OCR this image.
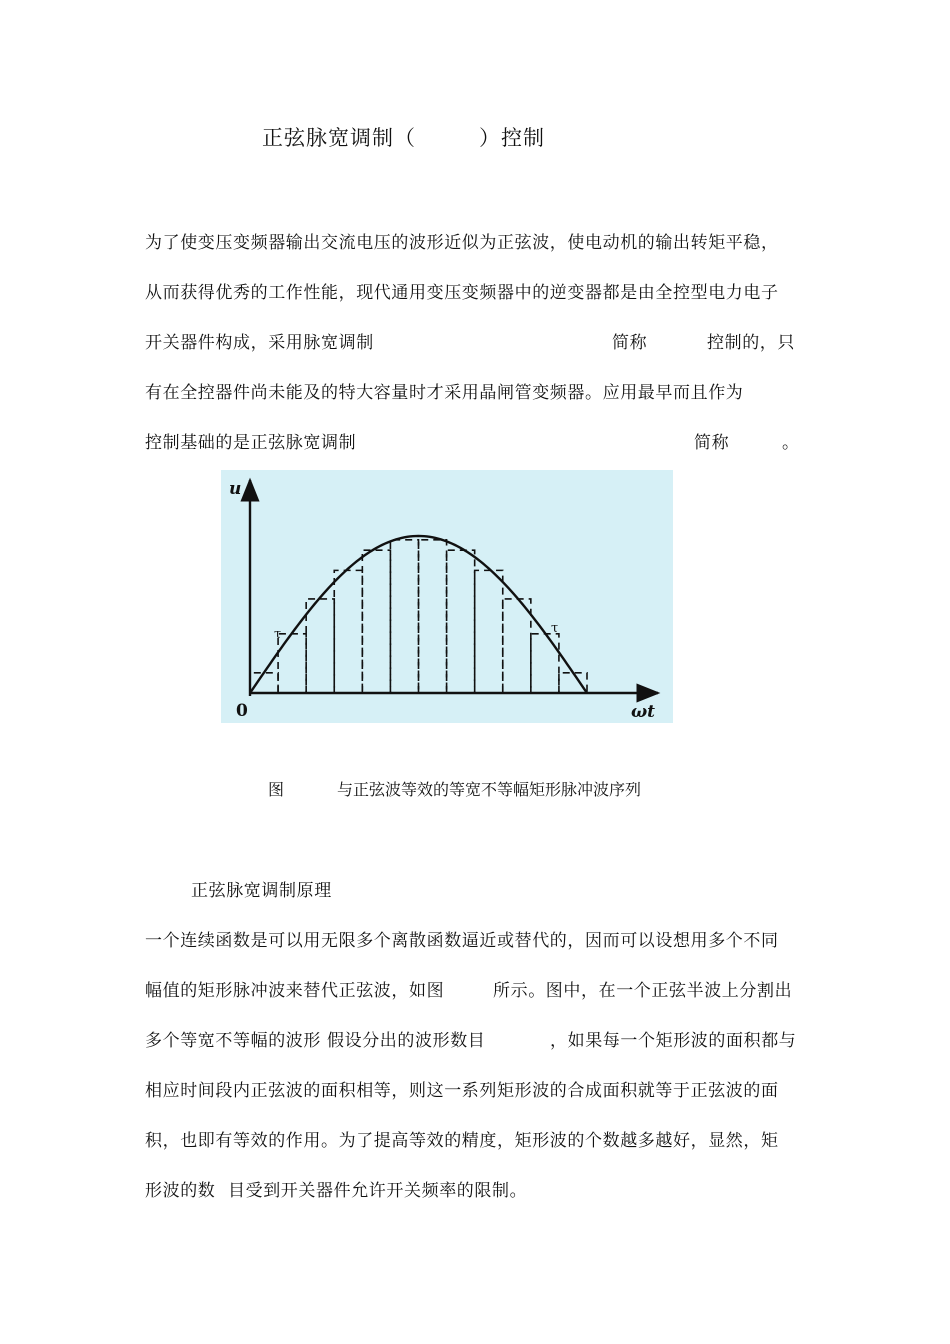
正弦脉宽调制（	）控制
为了使变压变频器输出交流电压的波形近似为正弦波，使电动机的输出转矩平稳，
从而获得优秀的工作性能，现代通用变压变频器中的逆变器都是由全控型电力电子
开关器件构成，采用脉宽调制	简称	控制的，只
有在全控器件尚未能及的特大容量时才采用晶闸管变频器。应用最早而且作为
控制基础的是正弦脉宽调制	简称	。
u
ωt
0
τ	τ
图	与正弦波等效的等宽不等幅矩形脉冲波序列
正弦脉宽调制原理
一个连续函数是可以用无限多个离散函数逼近或替代的，因而可以设想用多个不同
幅值的矩形脉冲波来替代正弦波，如图	所示。图中，在一个正弦半波上分割出
多个等宽不等幅的波形 假设分出的波形数目	，如果每一个矩形波的面积都与
相应时间段内正弦波的面积相等，则这一系列矩形波的合成面积就等于正弦波的面
积，也即有等效的作用。为了提高等效的精度，矩形波的个数越多越好，显然，矩
形波的数 目受到开关器件允许开关频率的限制。
